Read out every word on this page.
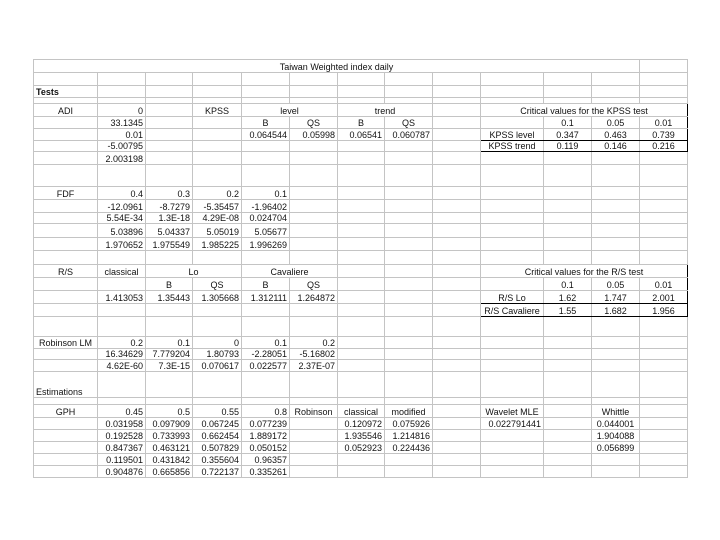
Taiwan Weighted index daily												

Tests												

ADI	0		KPSS	level		trend			Critical values for the KPSS test			
	33.1345			B	QS	B	QS			0.1	0.05	0.01
	0.01			0.064544	0.05998	0.06541	0.060787		KPSS level	0.347	0.463	0.739
	-5.00795								KPSS trend	0.119	0.146	0.216
	2.003198											

FDF	0.4	0.3	0.2	0.1								
	-12.0961	-8.7279	-5.35457	-1.96402								
	5.54E-34	1.3E-18	4.29E-08	0.024704								
	5.03896	5.04337	5.05019	5.05677								
	1.970652	1.975549	1.985225	1.996269								

R/S	classical	Lo		Cavaliere					Critical values for the R/S test			
		B	QS	B	QS					0.1	0.05	0.01
	1.413053	1.35443	1.305668	1.312111	1.264872				R/S Lo	1.62	1.747	2.001
									R/S Cavaliere	1.55	1.682	1.956

Robinson LM	0.2	0.1	0	0.1	0.2							
	16.34629	7.779204	1.80793	-2.28051	-5.16802							
	4.62E-60	7.3E-15	0.070617	0.022577	2.37E-07							
Estimations												

GPH	0.45	0.5	0.55	0.8	Robinson	classical	modified		Wavelet MLE		Whittle	
	0.031958	0.097909	0.067245	0.077239		0.120972	0.075926		0.022791441		0.044001	
	0.192528	0.733993	0.662454	1.889172		1.935546	1.214816				1.904088	
	0.847367	0.463121	0.507829	0.050152		0.052923	0.224436				0.056899	
	0.119501	0.431842	0.355604	0.96357								
	0.904876	0.665856	0.722137	0.335261								
